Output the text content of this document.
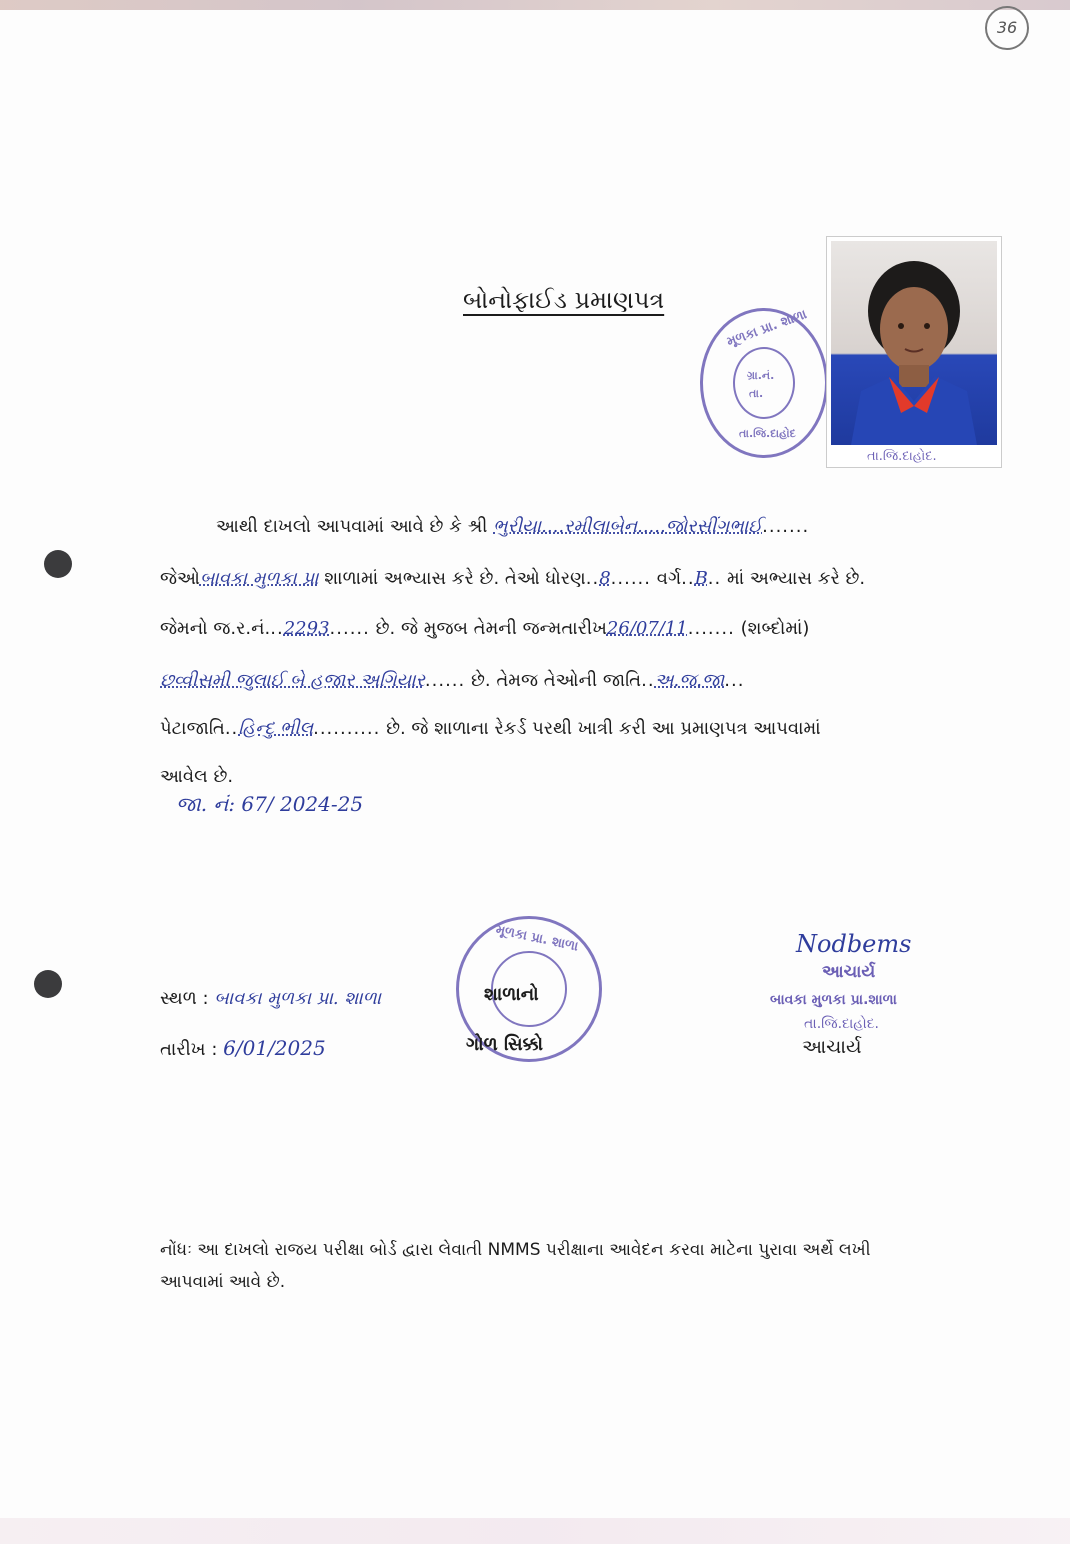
36
બોનોફાઈડ પ્રમાણપત્ર
મૂળકા પ્રા. શાળા
ગ્રા.નં.
તા.
તા.જિ.દાહોદ
તા.જિ.દાહોદ.
આથી દાખલો આપવામાં આવે છે કે શ્રી ભુરીયા....રમીલાબેન.....જોરસીંગભાઈ.......
જેઓબાવકા મુળકા પ્રા શાળામાં અભ્યાસ કરે છે. તેઓ ધોરણ..8...... વર્ગ..B.. માં અભ્યાસ કરે છે.
જેમનો જ.ર.નં...2293...... છે. જે મુજબ તેમની જન્મતારીખ26/07/11....... (શબ્દોમાં)
છવ્વીસમી જુલાઈ બે હજાર અગિયાર...... છે. તેમજ તેઓની જાતિ..અ.જ.જા...
પેટાજાતિ..હિન્દુ ભીલ.......... છે. જે શાળાના રેકર્ડ પરથી ખાત્રી કરી આ પ્રમાણપત્ર આપવામાં
આવેલ છે.
જા. નં: 67/ 2024-25
સ્થળ : બાવકા મુળકા પ્રા. શાળા
તારીખ : 6/01/2025
મૂળકા પ્રા. શાળા
શાળાનો
ગોળ સિક્કો
Nodbems
આચાર્ય
બાવકા મુળકા પ્રા.શાળા
તા.જિ.દાહોદ.
આચાર્ય
નોંધઃ આ દાખલો રાજય પરીક્ષા બોર્ડ દ્વારા લેવાતી NMMS પરીક્ષાના આવેદન કરવા માટેના પુરાવા અર્થે લખી
આપવામાં આવે છે.
